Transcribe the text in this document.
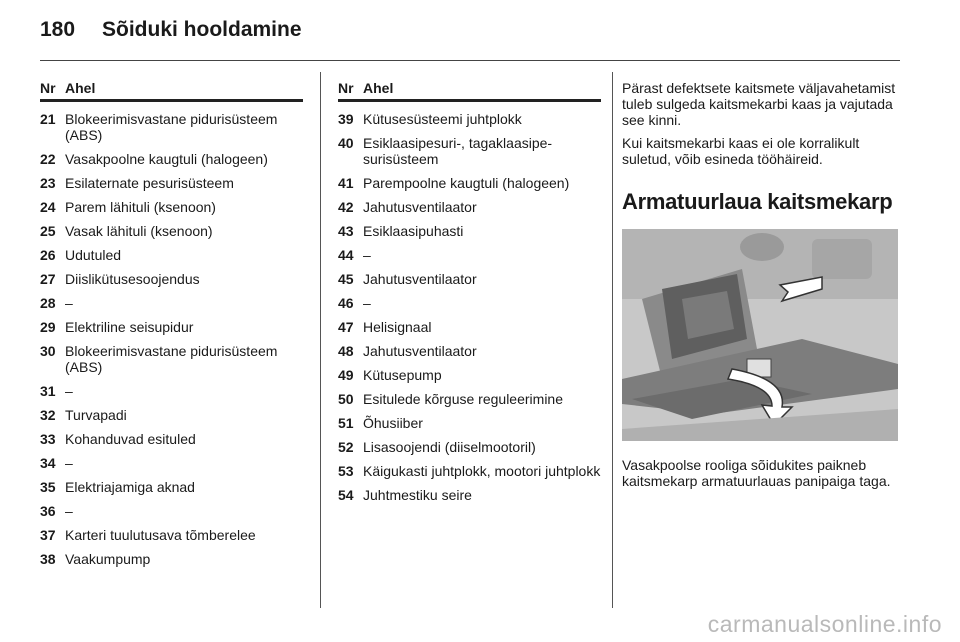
180	Sõiduki hooldamine
Nr Ahel
21 Blokeerimisvastane pidurisüsteem (ABS)
22 Vasakpoolne kaugtuli (halogeen)
23 Esilaternate pesurisüsteem
24 Parem lähituli (ksenoon)
25 Vasak lähituli (ksenoon)
26 Udutuled
27 Diislikütusesoojendus
28 –
29 Elektriline seisupidur
30 Blokeerimisvastane pidurisüsteem (ABS)
31 –
32 Turvapadi
33 Kohanduvad esituled
34 –
35 Elektriajamiga aknad
36 –
37 Karteri tuulutusava tõmberelee
38 Vaakumpump
Nr Ahel
39 Kütusesüsteemi juhtplokk
40 Esiklaasipesuri-, tagaklaasipe-surisüsteem
41 Parempoolne kaugtuli (halogeen)
42 Jahutusventilaator
43 Esiklaasipuhasti
44 –
45 Jahutusventilaator
46 –
47 Helisignaal
48 Jahutusventilaator
49 Kütusepump
50 Esitulede kõrguse reguleerimine
51 Õhusiiber
52 Lisasoojendi (diiselmootoril)
53 Käigukasti juhtplokk, mootori juhtplokk
54 Juhtmestiku seire

Pärast defektsete kaitsmete väljavahetamist tuleb sulgeda kaitsmekarbi kaas ja vajutada see kinni.

Kui kaitsmekarbi kaas ei ole korralikult suletud, võib esineda tööhäireid.

Armatuurlaua kaitsmekarp
Vasakpoolse rooliga sõidukites paikneb kaitsmekarp armatuurlauas panipaiga taga.
carmanualsonline.info
